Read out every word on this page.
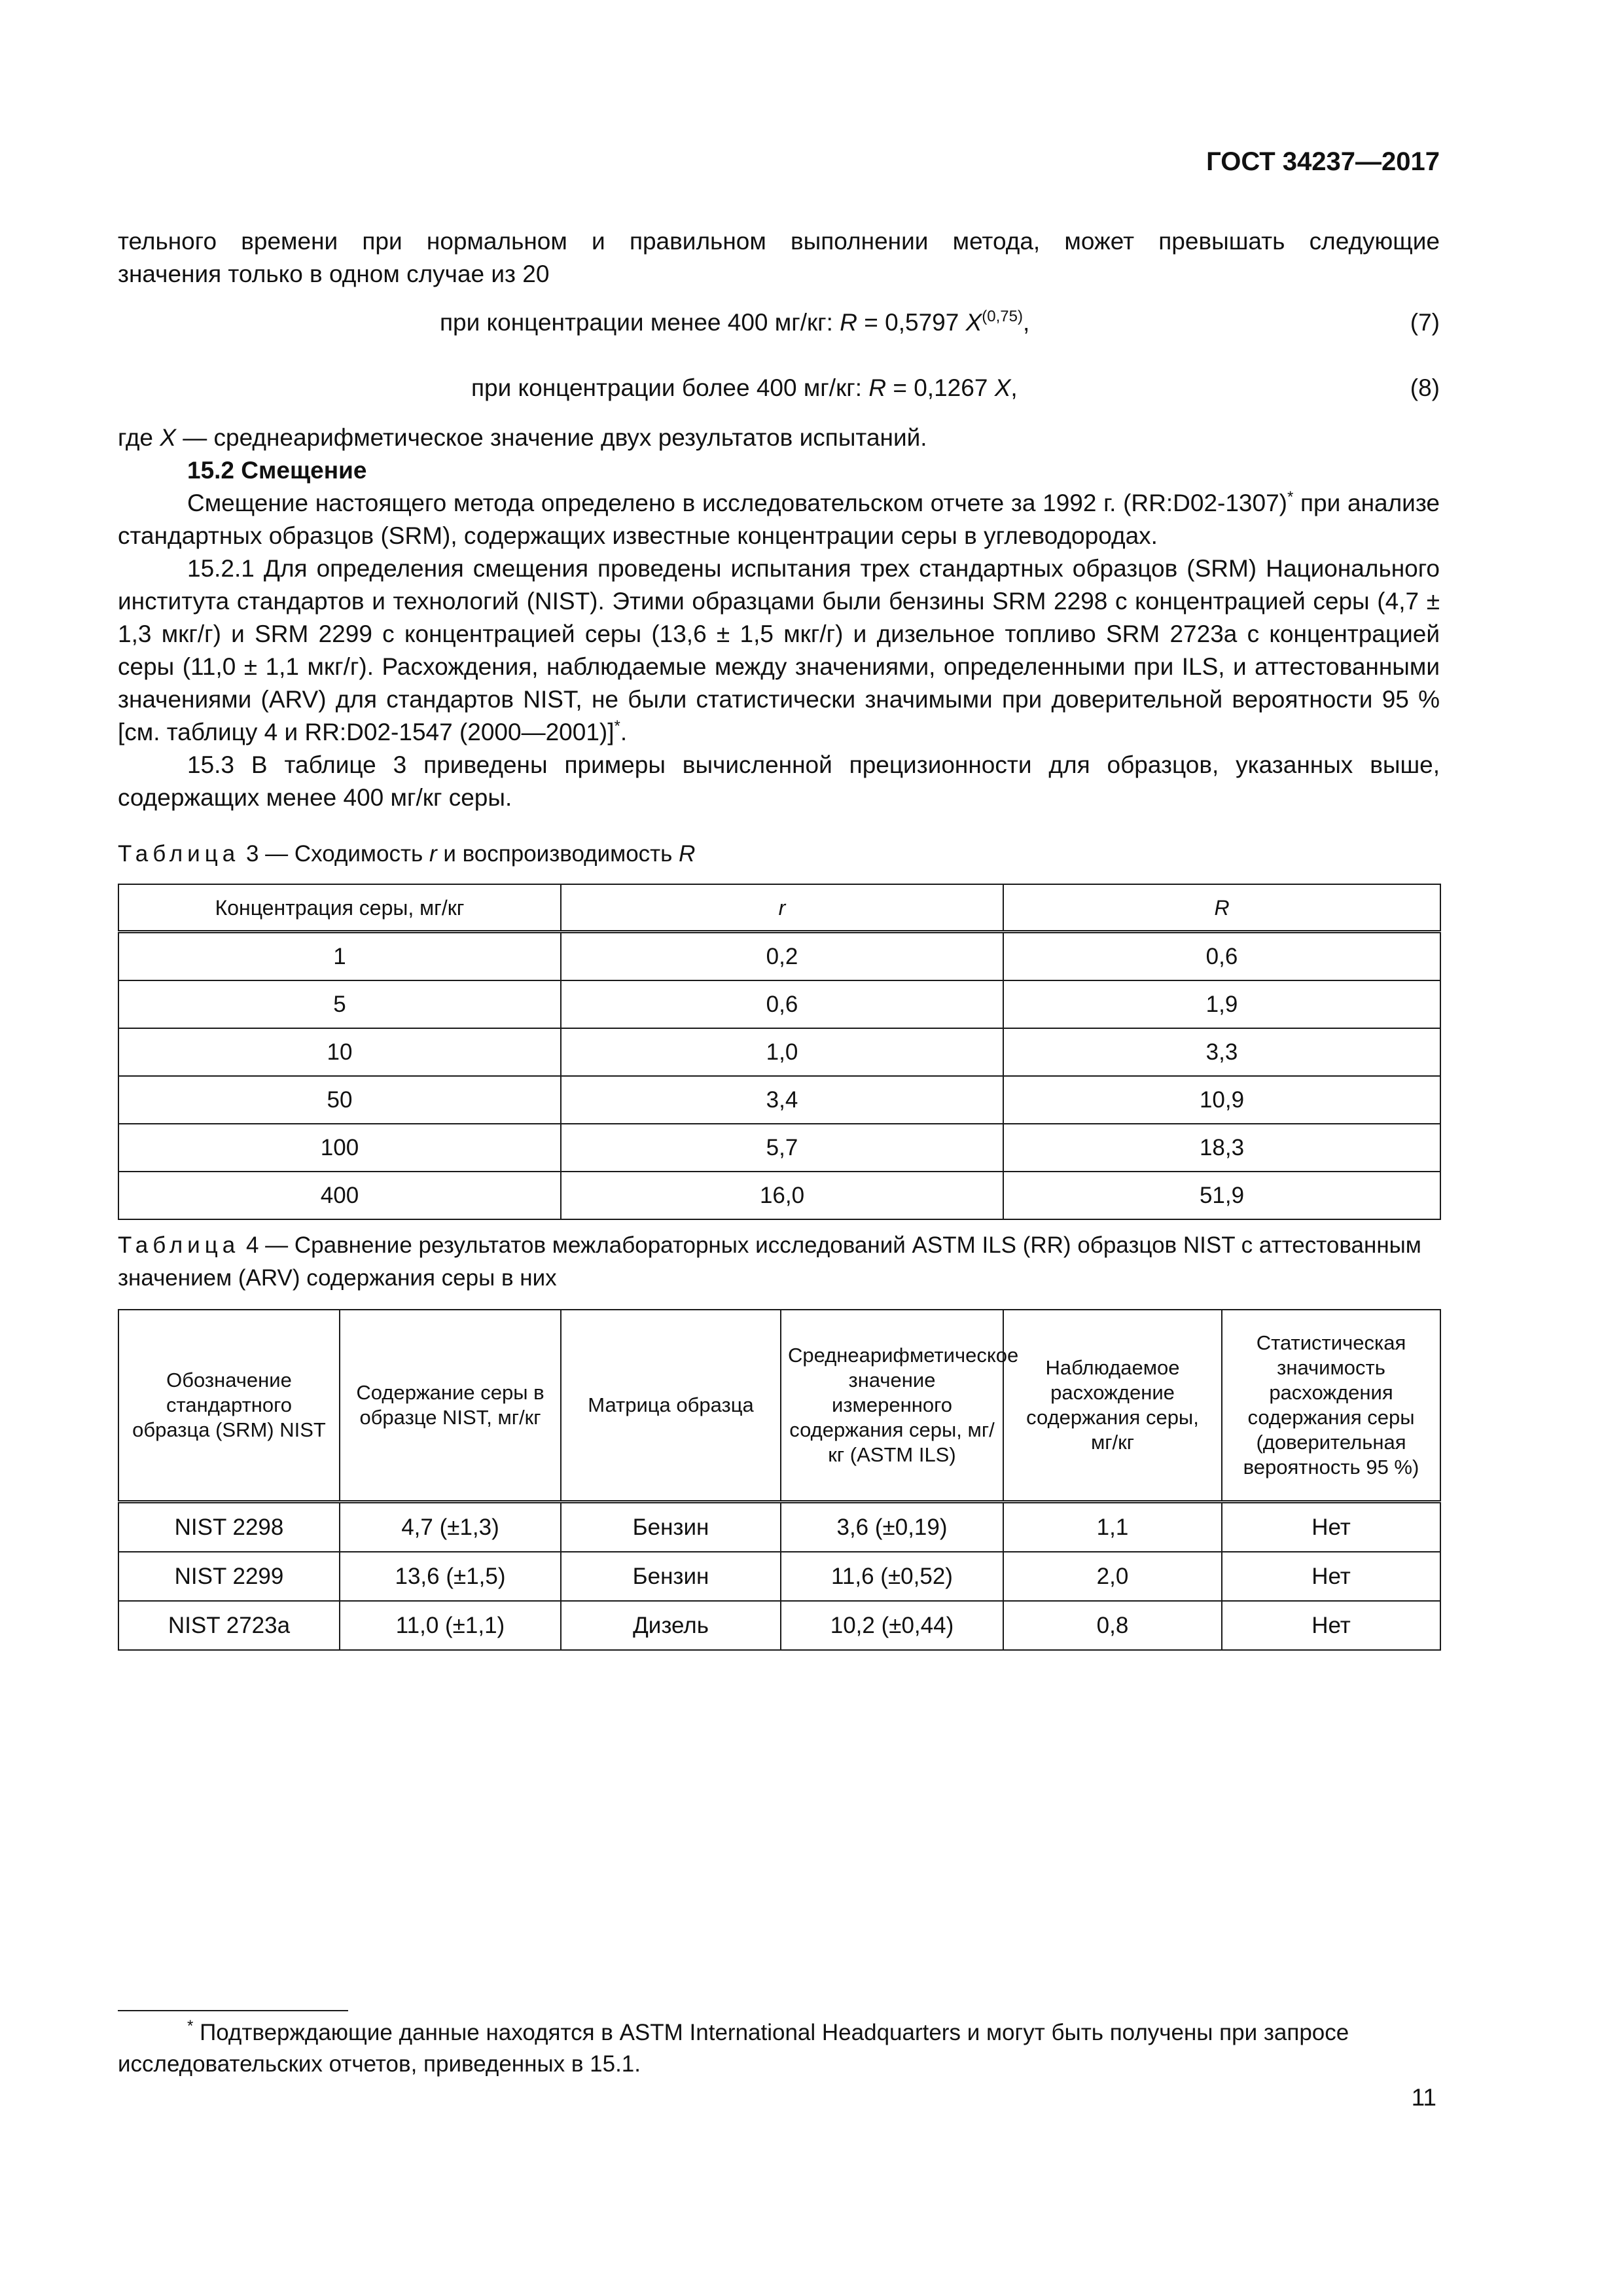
ГОСТ 34237—2017

тельного времени при нормальном и правильном выполнении метода, может превышать следующие

значения только в одном случае из 20

при концентрации менее 400 мг/кг: R = 0,5797 X$^{(0,75)}$,	(7)
при концентрации более 400 мг/кг: R = 0,1267 X,	(8)

где X — среднеарифметическое значение двух результатов испытаний.

15.2 Смещение

Смещение настоящего метода определено в исследовательском отчете за 1992 г. (RR:D02-1307)* при анализе стандартных образцов (SRM), содержащих известные концентрации серы в углеводородах.

15.2.1 Для определения смещения проведены испытания трех стандартных образцов (SRM) Национального института стандартов и технологий (NIST). Этими образцами были бензины SRM 2298 с концентрацией серы (4,7 ± 1,3 мкг/г) и SRM 2299 с концентрацией серы (13,6 ± 1,5 мкг/г) и дизельное топливо SRM 2723a с концентрацией серы (11,0 ± 1,1 мкг/г). Расхождения, наблюдаемые между значениями, определенными при ILS, и аттестованными значениями (ARV) для стандартов NIST, не были статистически значимыми при доверительной вероятности 95 % [см. таблицу 4 и RR:D02-1547 (2000—2001)]*.

15.3 В таблице 3 приведены примеры вычисленной прецизионности для образцов, указанных выше, содержащих менее 400 мг/кг серы.

Таблица 3 — Сходимость r и воспроизводимость R
Концентрация серы, мг/кг	r	R
1	0,2	0,6
5	0,6	1,9
10	1,0	3,3
50	3,4	10,9
100	5,7	18,3
400	16,0	51,9
Таблица 4 — Сравнение результатов межлабораторных исследований ASTM ILS (RR) образцов NIST с аттестованным значением (ARV) содержания серы в них
Обозначение стандартного образца (SRM) NIST	Содержание серы в образце NIST, мг/кг	Матрица образца	Среднеарифметическое значение измеренного содержания серы, мг/кг (ASTM ILS)	Наблюдаемое расхождение содержания серы, мг/кг	Статистическая значимость расхождения содержания серы (доверительная вероятность 95 %)
NIST 2298	4,7 (±1,3)	Бензин	3,6 (±0,19)	1,1	Нет
NIST 2299	13,6 (±1,5)	Бензин	11,6 (±0,52)	2,0	Нет
NIST 2723a	11,0 (±1,1)	Дизель	10,2 (±0,44)	0,8	Нет
* Подтверждающие данные находятся в ASTM International Headquarters и могут быть получены при запросе исследовательских отчетов, приведенных в 15.1.
11
